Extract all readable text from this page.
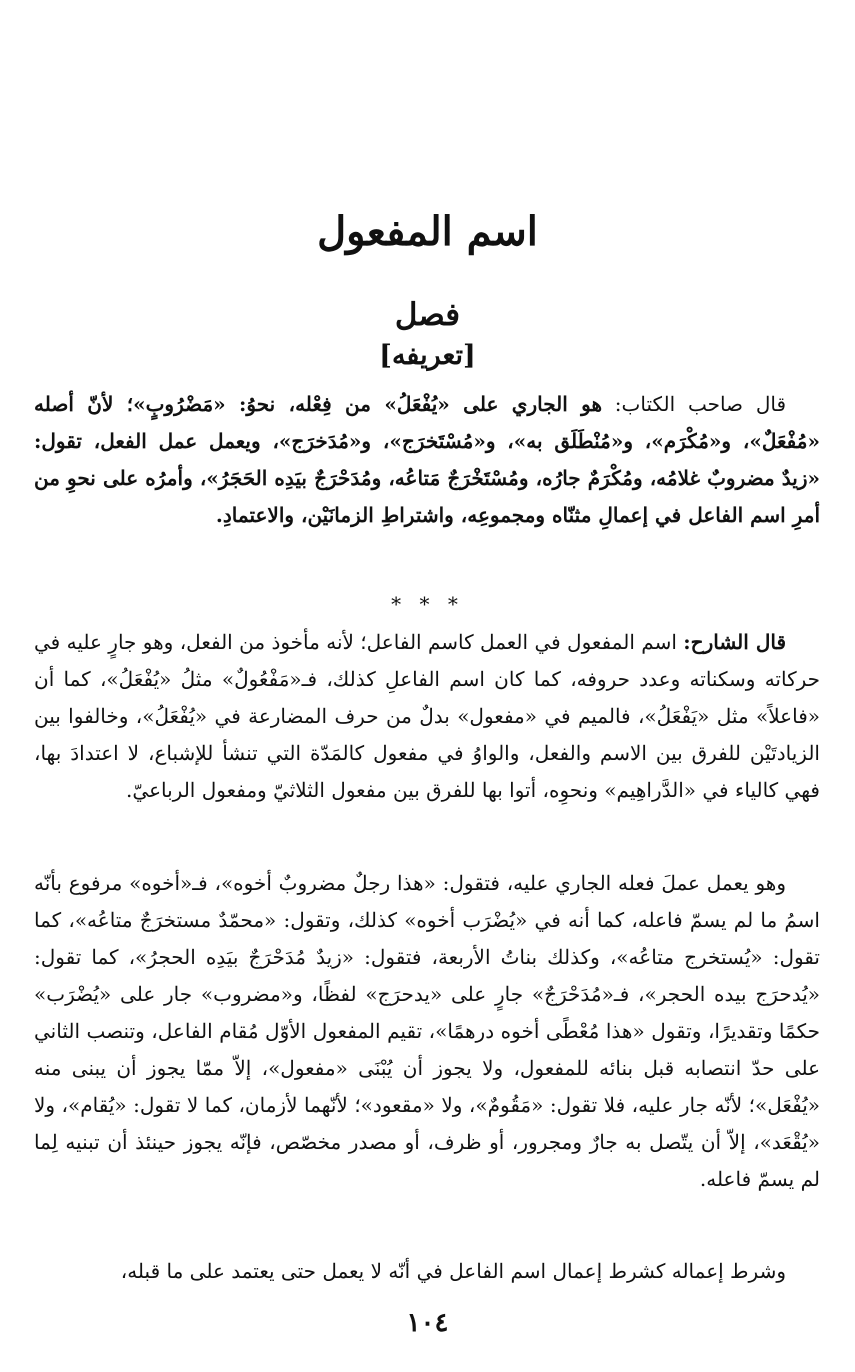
اسم المفعول
فصل
[تعريفه]

قال صاحب الكتاب: هو الجاري على «يُفْعَلُ» من فِعْله، نحوُ: «مَضْرُوبٍ»؛ لأنّ أصله «مُفْعَلٌ»، و«مُكْرَم»، و«مُنْطَلَق به»، و«مُسْتَخرَج»، و«مُدَخرَج»، ويعمل عمل الفعل، تقول: «زيدٌ مضروبٌ غلامُه، ومُكْرَمٌ جارُه، ومُسْتَخْرَجٌ مَتاعُه، ومُدَحْرَجٌ بيَدِه الحَجَرُ»، وأمرُه على نحوِ من أمرِ اسم الفاعل في إعمالِ مثنّاه ومجموعِه، واشتراطِ الزمانَيْن، والاعتمادِ.

* * *

قال الشارح: اسم المفعول في العمل كاسم الفاعل؛ لأنه مأخوذ من الفعل، وهو جارٍ عليه في حركاته وسكناته وعدد حروفه، كما كان اسم الفاعلِ كذلك، فـ«مَفْعُولٌ» مثلُ «يُفْعَلُ»، كما أن «فاعلاً» مثل «يَفْعَلُ»، فالميم في «مفعول» بدلٌ من حرف المضارعة في «يُفْعَلُ»، وخالفوا بين الزيادتَيْن للفرق بين الاسم والفعل، والواوُ في مفعول كالمَدّة التي تنشأ للإشباع، لا اعتدادَ بها، فهي كالياء في «الدَّراهِيم» ونحوِه، أتوا بها للفرق بين مفعول الثلاثيّ ومفعول الرباعيّ.

وهو يعمل عملَ فعله الجاري عليه، فتقول: «هذا رجلٌ مضروبٌ أخوه»، فـ«أخوه» مرفوع بأنّه اسمُ ما لم يسمّ فاعله، كما أنه في «يُضْرَب أخوه» كذلك، وتقول: «محمّدٌ مستخرَجٌ متاعُه»، كما تقول: «يُستخرج متاعُه»، وكذلك بناتُ الأربعة، فتقول: «زيدٌ مُدَحْرَجٌ بيَدِه الحجرُ»، كما تقول: «يُدحرَج بيده الحجر»، فـ«مُدَحْرَجٌ» جارٍ على «يدحرَج» لفظًا، و«مضروب» جار على «يُضْرَب» حكمًا وتقديرًا، وتقول «هذا مُعْطًى أخوه درهمًا»، تقيم المفعول الأوّل مُقام الفاعل، وتنصب الثاني على حدّ انتصابه قبل بنائه للمفعول، ولا يجوز أن يُبْنَى «مفعول»، إلاّ ممّا يجوز أن يبنى منه «يُفْعَل»؛ لأنّه جار عليه، فلا تقول: «مَقُومٌ»، ولا «مقعود»؛ لأنّهما لأزمان، كما لا تقول: «يُقام»، ولا «يُقْعَد»، إلاّ أن يتّصل به جارٌ ومجرور، أو ظرف، أو مصدر مخصّص، فإنّه يجوز حينئذ أن تبنيه لِما لم يسمّ فاعله.

وشرط إعماله كشرط إعمال اسم الفاعل في أنّه لا يعمل حتى يعتمد على ما قبله،

١٠٤
